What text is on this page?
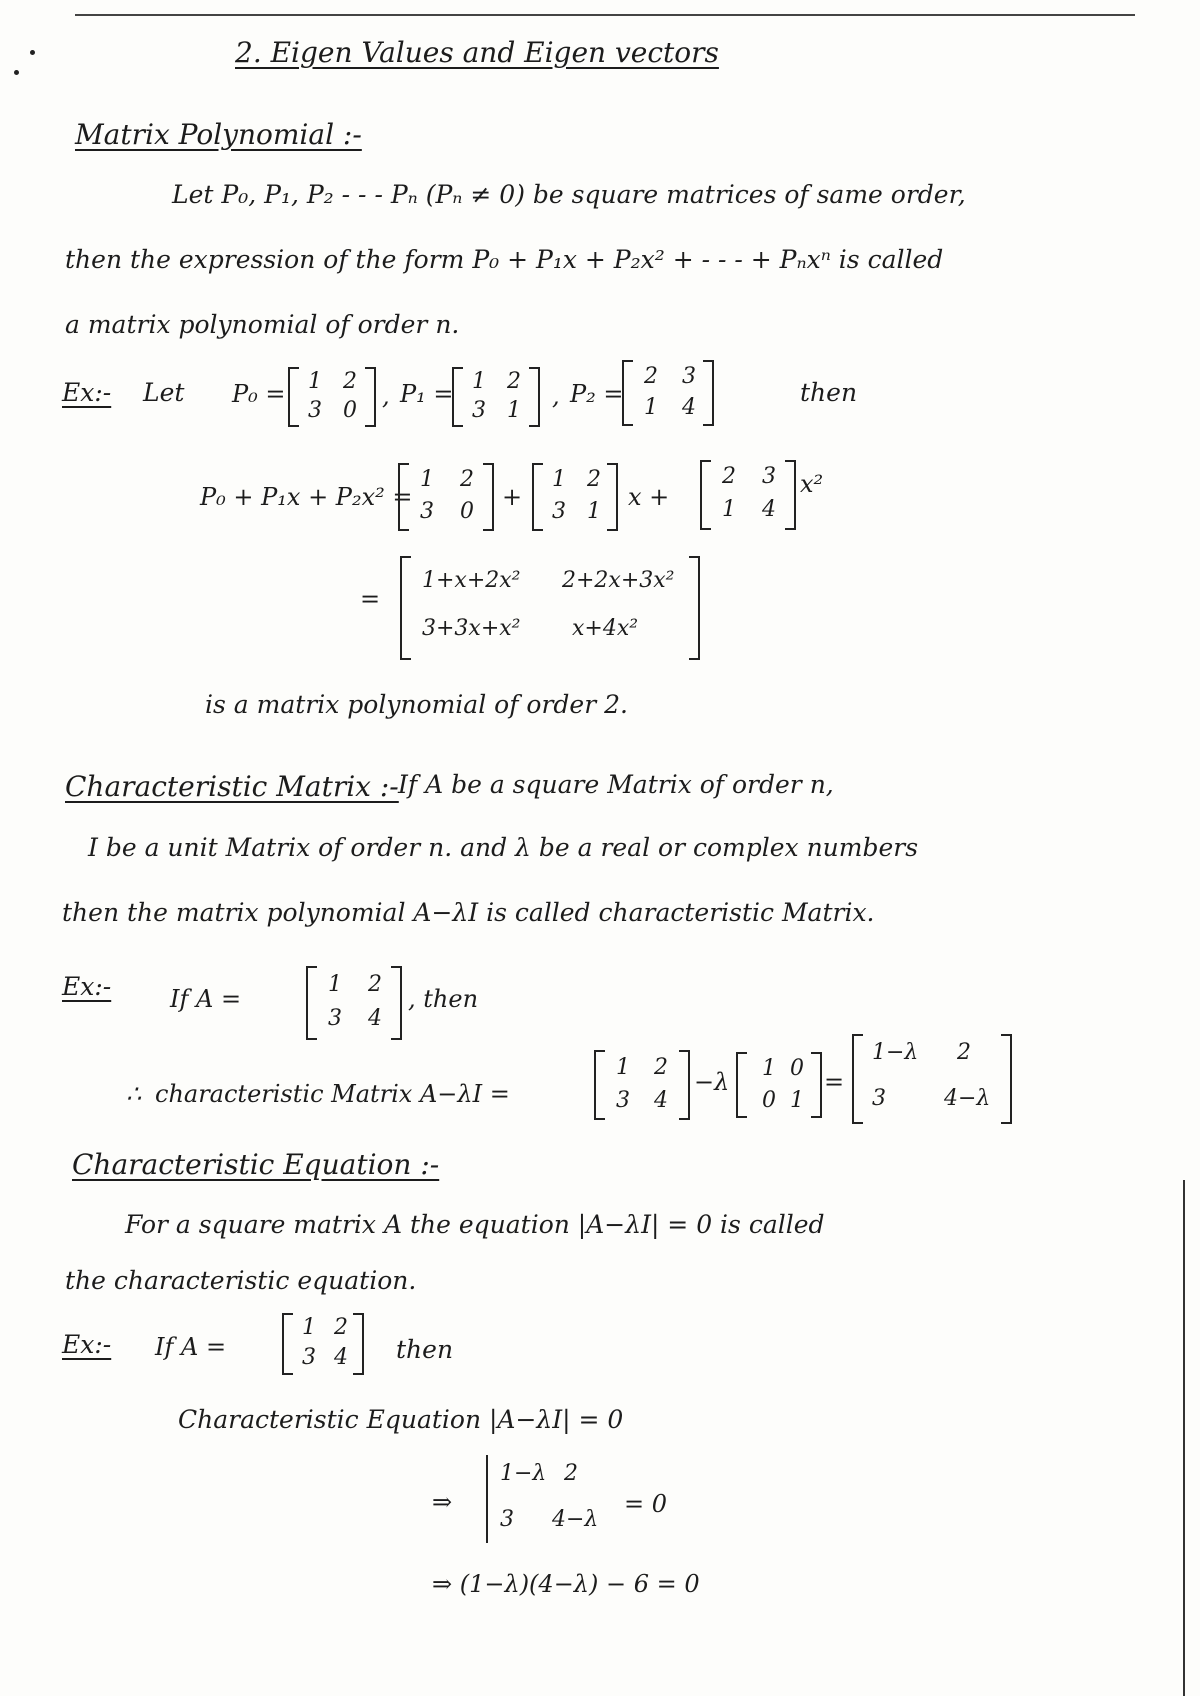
2. Eigen Values and Eigen vectors
Matrix Polynomial :-
Let P₀, P₁, P₂ - - - Pₙ (Pₙ ≠ 0) be square matrices of same order,
then the expression of the form P₀ + P₁x + P₂x² + - - - + Pₙxⁿ is called
a matrix polynomial of order n.
Ex:- Let P₀ = 1 2
3 0
, P₁ = 1 2
3 1
, P₂ =
2 3
1 4
then
P₀ + P₁x + P₂x² =
1 2
3 0
+
1 2
3 1
x +
2 3
1 4
x²
=
1+x+2x² 2+2x+3x²
3+3x+x² x+4x²
is a matrix polynomial of order 2.
Characteristic Matrix :- If A be a square Matrix of order n,
I be a unit Matrix of order n. and λ be a real or complex numbers
then the matrix polynomial A−λI is called characteristic Matrix.
Ex:- If A =
1 2
3 4
, then
∴ characteristic Matrix A−λI =
1 2
3 4
−λ 1 0
0 1
=
1−λ 2
3	4−λ
Characteristic Equation :-
For a square matrix A the equation |A−λI| = 0 is called
the characteristic equation.
Ex:- If A =
1 2
3 4 then
Characteristic Equation |A−λI| = 0
⇒
1−λ 2
3 4−λ
= 0
⇒ (1−λ)(4−λ) − 6 = 0
